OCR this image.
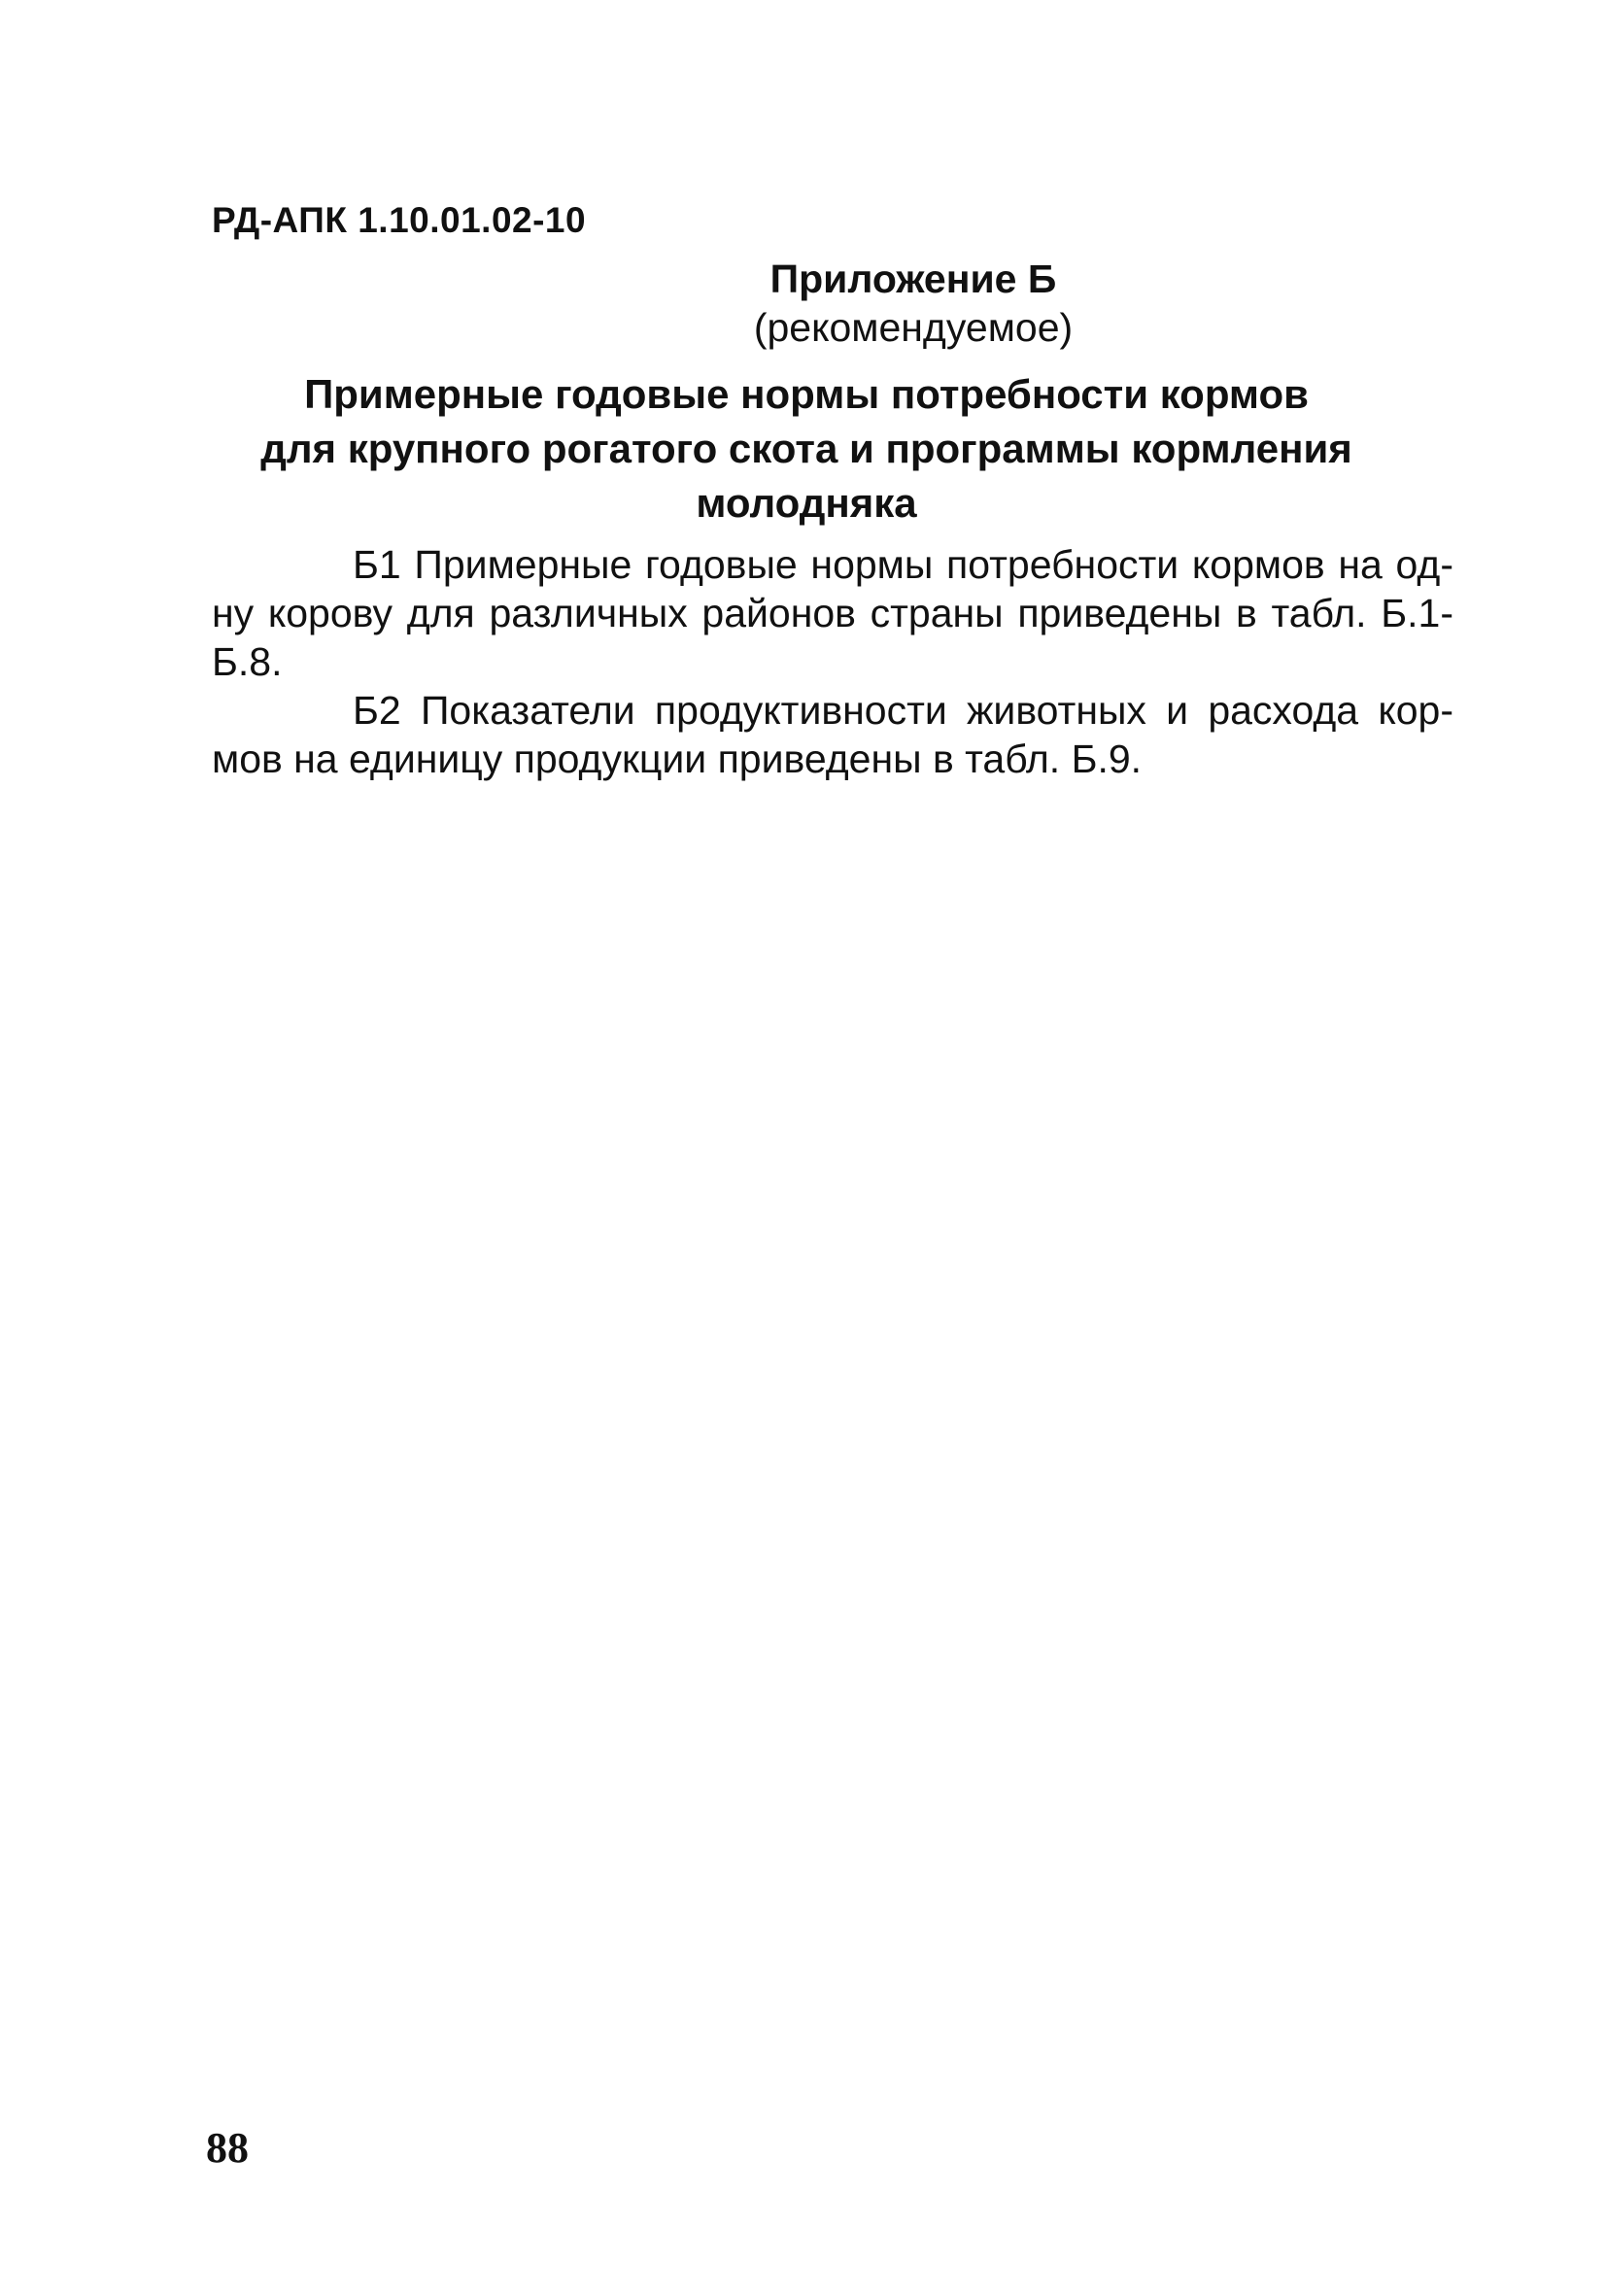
РД-АПК 1.10.01.02-10
Приложение Б
(рекомендуемое)
Примерные годовые нормы потребности кормов
для крупного рогатого скота и программы кормления
молодняка
Б1 Примерные годовые нормы потребности кормов на од-
ну корову для различных районов страны приведены в табл. Б.1-
Б.8.
Б2 Показатели продуктивности животных и расхода кор-
мов на единицу продукции приведены в табл. Б.9.
88
